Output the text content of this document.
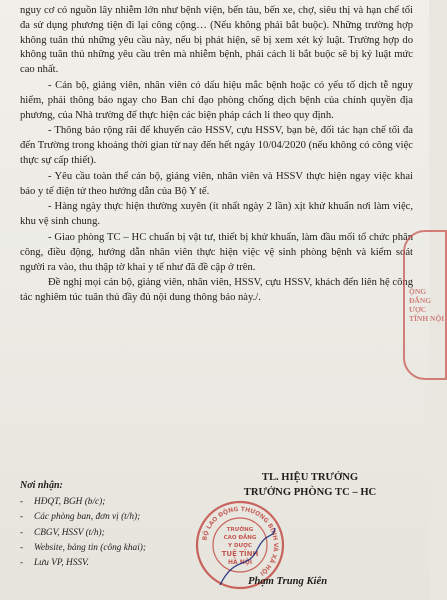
nguy cơ có nguồn lây nhiễm lớn như bệnh viện, bến tàu, bến xe, chợ, siêu thị và hạn chế tối đa sử dụng phương tiện đi lại công cộng… (Nếu không phải bắt buộc). Những trường hợp không tuân thủ những yêu cầu này, nếu bị phát hiện, sẽ bị xem xét kỷ luật. Trường hợp do không tuân thủ những yêu cầu trên mà nhiễm bệnh, phải cách li bắt buộc sẽ bị kỷ luật mức cao nhất.

- Cán bộ, giảng viên, nhân viên có dấu hiệu mắc bệnh hoặc có yếu tố dịch tễ nguy hiểm, phải thông báo ngay cho Ban chỉ đạo phòng chống dịch bệnh của chính quyền địa phương, của Nhà trường để thực hiện các biện pháp cách li theo quy định.

- Thông báo rộng rãi để khuyến cáo HSSV, cựu HSSV, bạn bè, đối tác hạn chế tối đa đến Trường trong khoảng thời gian từ nay đến hết ngày 10/04/2020 (nếu không có công việc thực sự cấp thiết).

- Yêu cầu toàn thể cán bộ, giảng viên, nhân viên và HSSV thực hiện ngay việc khai báo y tế điện tử theo hướng dẫn của Bộ Y tế.

- Hàng ngày thực hiện thường xuyên (ít nhất ngày 2 lần) xịt khử khuẩn nơi làm việc, khu vệ sinh chung.

- Giao phòng TC – HC chuẩn bị vật tư, thiết bị khử khuẩn, làm đầu mối tổ chức phân công, điều động, hướng dẫn nhân viên thực hiện việc vệ sinh phòng bệnh và kiểm soát người ra vào, thu thập tờ khai y tế như đã đề cập ở trên.

Đề nghị mọi cán bộ, giảng viên, nhân viên, HSSV, cựu HSSV, khách đến liên hệ công tác nghiêm túc tuân thủ đầy đủ nội dung thông báo này./.

ỘNG ĐẲNG ƯỢC TĨNH NỘI
Nơi nhận:
- HĐQT, BGH (b/c);
- Các phòng ban, đơn vị (t/h);
- CBGV, HSSV (t/h);
- Website, bảng tin (công khai);
- Lưu VP, HSSV.
TL. HIỆU TRƯỞNG
TRƯỞNG PHÒNG TC – HC
BỘ LAO ĐỘNG THƯƠNG BINH VÀ XÃ HỘI
TRƯỜNG
CAO ĐẲNG
Y DƯỢC
TUỆ TĨNH
HÀ NỘI
Phạm Trung Kiên
